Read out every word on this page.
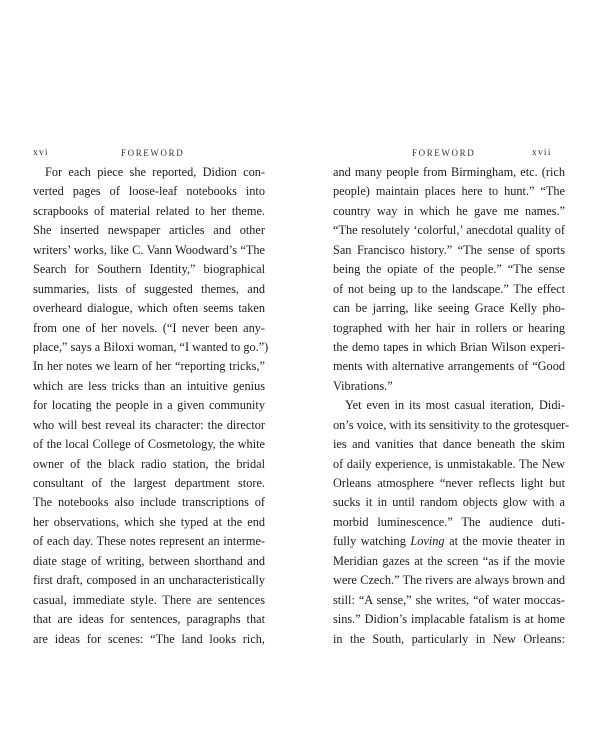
xvi	FOREWORD
For each piece she reported, Didion con-
verted pages of loose-leaf notebooks into
scrapbooks of material related to her theme.
She inserted newspaper articles and other
writers’ works, like C. Vann Woodward’s “The
Search for Southern Identity,” biographical
summaries, lists of suggested themes, and
overheard dialogue, which often seems taken
from one of her novels. (“I never been any-
place,” says a Biloxi woman, “I wanted to go.”)
In her notes we learn of her “reporting tricks,”
which are less tricks than an intuitive genius
for locating the people in a given community
who will best reveal its character: the director
of the local College of Cosmetology, the white
owner of the black radio station, the bridal
consultant of the largest department store.
The notebooks also include transcriptions of
her observations, which she typed at the end
of each day. These notes represent an interme-
diate stage of writing, between shorthand and
first draft, composed in an uncharacteristically
casual, immediate style. There are sentences
that are ideas for sentences, paragraphs that
are ideas for scenes: “The land looks rich,
FOREWORD	xvii
and many people from Birmingham, etc. (rich
people) maintain places here to hunt.” “The
country way in which he gave me names.”
“The resolutely ‘colorful,’ anecdotal quality of
San Francisco history.” “The sense of sports
being the opiate of the people.” “The sense
of not being up to the landscape.” The effect
can be jarring, like seeing Grace Kelly pho-
tographed with her hair in rollers or hearing
the demo tapes in which Brian Wilson experi-
ments with alternative arrangements of “Good
Vibrations.”
Yet even in its most casual iteration, Didi-
on’s voice, with its sensitivity to the grotesquer-
ies and vanities that dance beneath the skim
of daily experience, is unmistakable. The New
Orleans atmosphere “never reflects light but
sucks it in until random objects glow with a
morbid luminescence.” The audience duti-
fully watching Loving at the movie theater in
Meridian gazes at the screen “as if the movie
were Czech.” The rivers are always brown and
still: “A sense,” she writes, “of water moccas-
sins.” Didion’s implacable fatalism is at home
in the South, particularly in New Orleans:
